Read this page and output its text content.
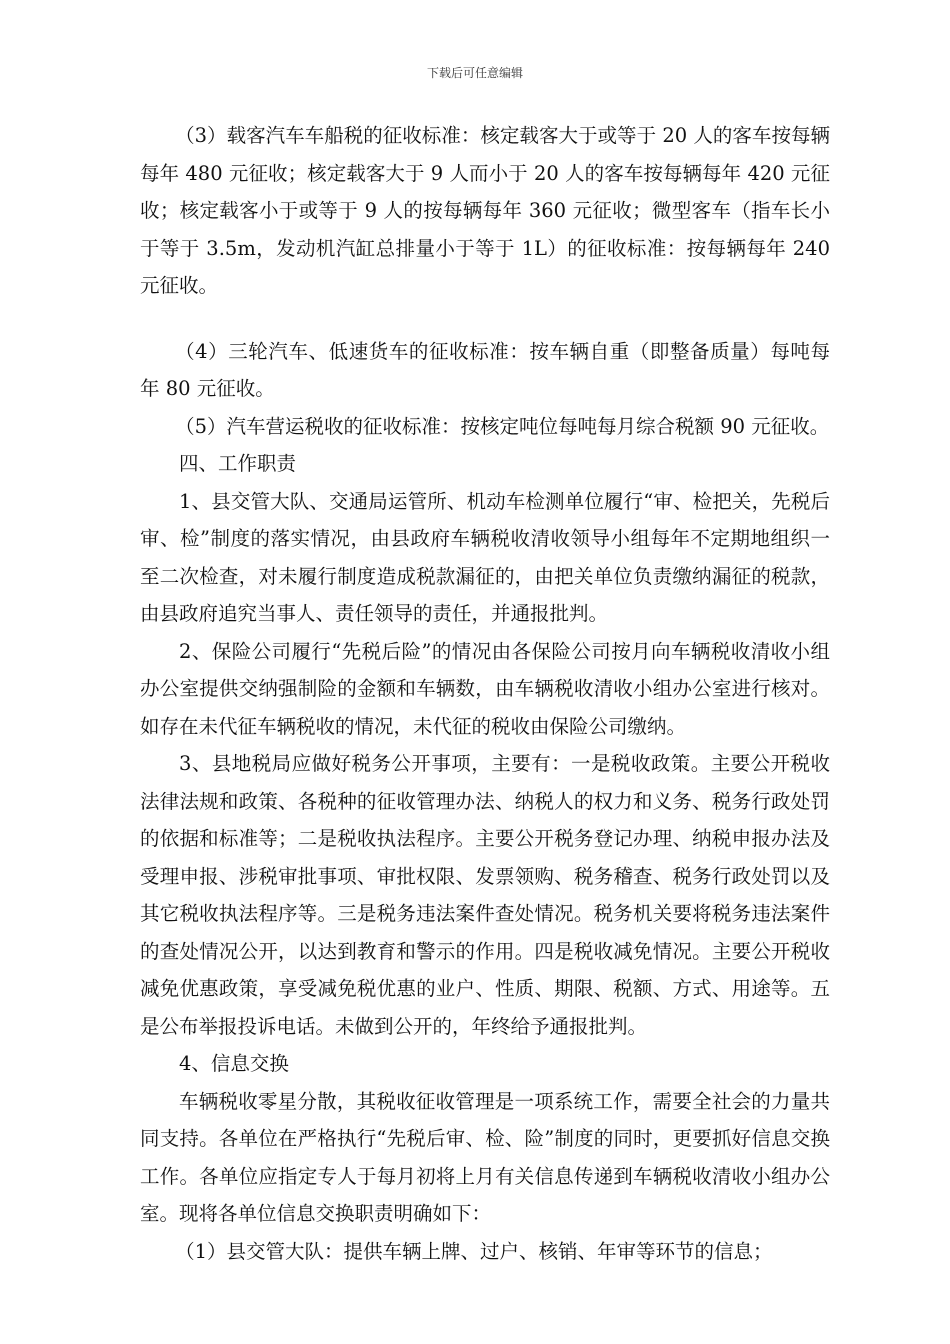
下载后可任意编辑

（3）载客汽车车船税的征收标准：核定载客大于或等于 20 人的客车按每辆每年 480 元征收；核定载客大于 9 人而小于 20 人的客车按每辆每年 420 元征收；核定载客小于或等于 9 人的按每辆每年 360 元征收；微型客车（指车长小于等于 3.5m，发动机汽缸总排量小于等于 1L）的征收标准：按每辆每年 240 元征收。

（4）三轮汽车、低速货车的征收标准：按车辆自重（即整备质量）每吨每年 80 元征收。

（5）汽车营运税收的征收标准：按核定吨位每吨每月综合税额 90 元征收。

四、工作职责

1、县交管大队、交通局运管所、机动车检测单位履行“审、检把关，先税后审、检”制度的落实情况，由县政府车辆税收清收领导小组每年不定期地组织一至二次检查，对未履行制度造成税款漏征的，由把关单位负责缴纳漏征的税款，由县政府追究当事人、责任领导的责任，并通报批判。

2、保险公司履行“先税后险”的情况由各保险公司按月向车辆税收清收小组办公室提供交纳强制险的金额和车辆数，由车辆税收清收小组办公室进行核对。如存在未代征车辆税收的情况，未代征的税收由保险公司缴纳。

3、县地税局应做好税务公开事项，主要有：一是税收政策。主要公开税收法律法规和政策、各税种的征收管理办法、纳税人的权力和义务、税务行政处罚的依据和标准等；二是税收执法程序。主要公开税务登记办理、纳税申报办法及受理申报、涉税审批事项、审批权限、发票领购、税务稽查、税务行政处罚以及其它税收执法程序等。三是税务违法案件查处情况。税务机关要将税务违法案件的查处情况公开，以达到教育和警示的作用。四是税收减免情况。主要公开税收减免优惠政策，享受减免税优惠的业户、性质、期限、税额、方式、用途等。五是公布举报投诉电话。未做到公开的，年终给予通报批判。

4、信息交换

车辆税收零星分散，其税收征收管理是一项系统工作，需要全社会的力量共同支持。各单位在严格执行“先税后审、检、险”制度的同时，更要抓好信息交换工作。各单位应指定专人于每月初将上月有关信息传递到车辆税收清收小组办公室。现将各单位信息交换职责明确如下：

（1）县交管大队：提供车辆上牌、过户、核销、年审等环节的信息；
